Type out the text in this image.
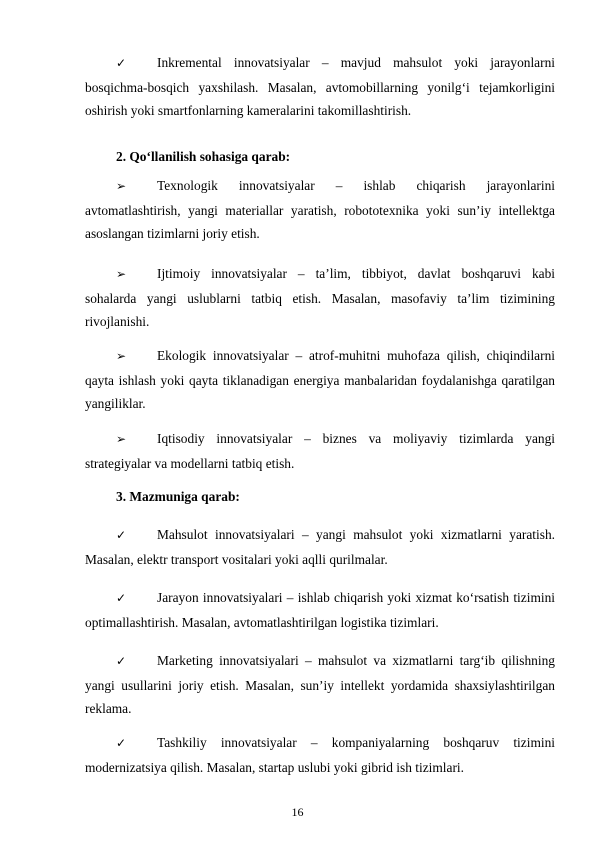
✓ Inkremental innovatsiyalar – mavjud mahsulot yoki jarayonlarni bosqichma-bosqich yaxshilash. Masalan, avtomobillarning yonilg‘i tejamkorligini oshirish yoki smartfonlarning kameralarini takomillashtirish.

2. Qo‘llanilish sohasiga qarab:

➢ Texnologik innovatsiyalar – ishlab chiqarish jarayonlarini avtomatlashtirish, yangi materiallar yaratish, robototexnika yoki sun’iy intellektga asoslangan tizimlarni joriy etish.

➢ Ijtimoiy innovatsiyalar – ta’lim, tibbiyot, davlat boshqaruvi kabi sohalarda yangi uslublarni tatbiq etish. Masalan, masofaviy ta’lim tizimining rivojlanishi.

➢ Ekologik innovatsiyalar – atrof-muhitni muhofaza qilish, chiqindilarni qayta ishlash yoki qayta tiklanadigan energiya manbalaridan foydalanishga qaratilgan yangiliklar.

➢ Iqtisodiy innovatsiyalar – biznes va moliyaviy tizimlarda yangi strategiyalar va modellarni tatbiq etish.

3. Mazmuniga qarab:

✓ Mahsulot innovatsiyalari – yangi mahsulot yoki xizmatlarni yaratish. Masalan, elektr transport vositalari yoki aqlli qurilmalar.

✓ Jarayon innovatsiyalari – ishlab chiqarish yoki xizmat ko‘rsatish tizimini optimallashtirish. Masalan, avtomatlashtirilgan logistika tizimlari.

✓ Marketing innovatsiyalari – mahsulot va xizmatlarni targ‘ib qilishning yangi usullarini joriy etish. Masalan, sun’iy intellekt yordamida shaxsiylashtirilgan reklama.

✓ Tashkiliy innovatsiyalar – kompaniyalarning boshqaruv tizimini modernizatsiya qilish. Masalan, startap uslubi yoki gibrid ish tizimlari.

16
